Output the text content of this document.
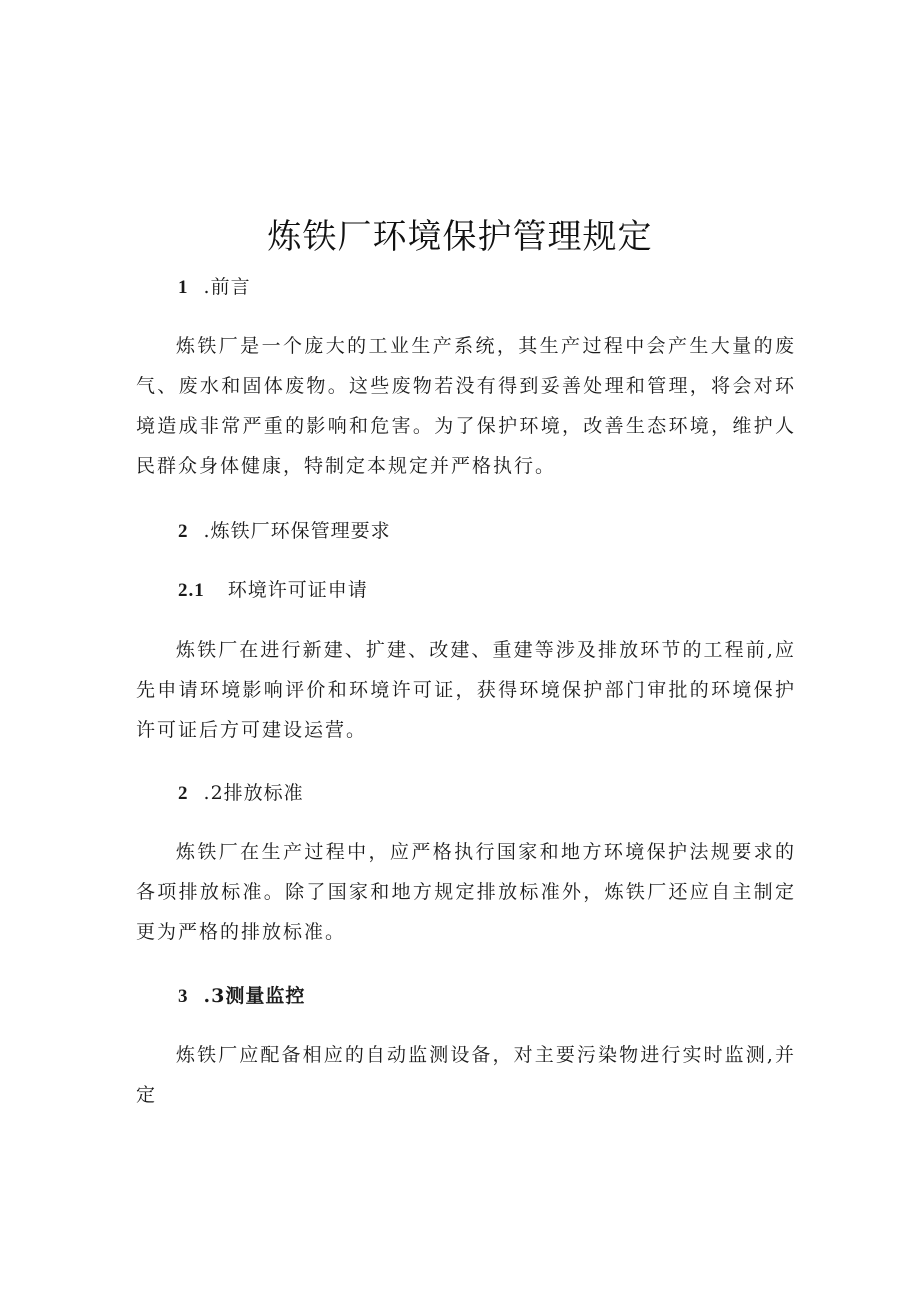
炼铁厂环境保护管理规定
1 .前言
炼铁厂是一个庞大的工业生产系统，其生产过程中会产生大量的废气、废水和固体废物。这些废物若没有得到妥善处理和管理，将会对环境造成非常严重的影响和危害。为了保护环境，改善生态环境，维护人民群众身体健康，特制定本规定并严格执行。
2 .炼铁厂环保管理要求
2.1 环境许可证申请
炼铁厂在进行新建、扩建、改建、重建等涉及排放环节的工程前,应先申请环境影响评价和环境许可证，获得环境保护部门审批的环境保护许可证后方可建设运营。
2 .2排放标准
炼铁厂在生产过程中，应严格执行国家和地方环境保护法规要求的各项排放标准。除了国家和地方规定排放标准外，炼铁厂还应自主制定更为严格的排放标准。
3 .3测量监控
炼铁厂应配备相应的自动监测设备，对主要污染物进行实时监测,并定
